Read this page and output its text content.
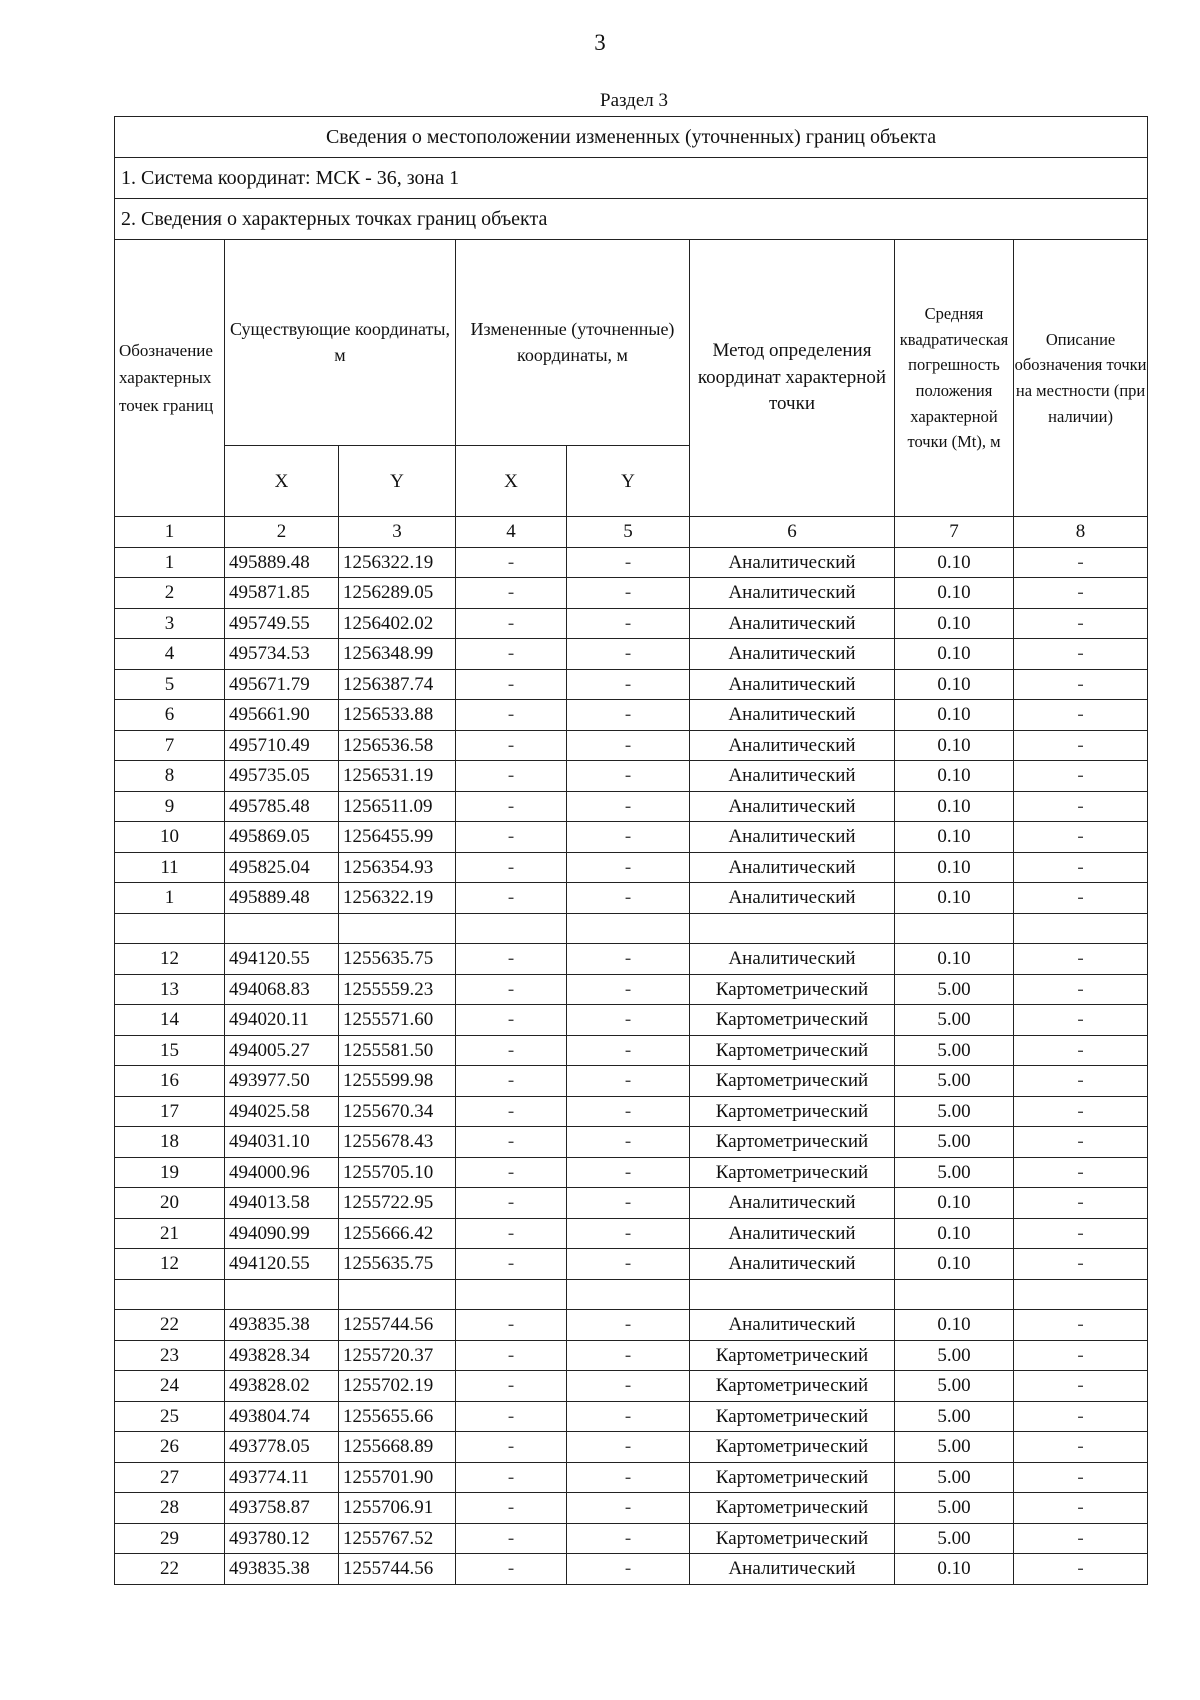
3
Раздел 3
Сведения о местоположении измененных (уточненных) границ объекта							
1. Система координат: МСК - 36, зона 1							
2. Сведения о характерных точках границ объекта							
Обозначение характерных точек границ	Существующие координаты, м		Измененные (уточненные) координаты, м		Метод определения координат характерной точки	Средняя квадратическая погрешность положения характерной точки (Mt), м	Описание обозначения точки на местности (при наличии)
	X	Y	X	Y			
1	2	3	4	5	6	7	8
1	495889.48	1256322.19	-	-	Аналитический	0.10	-
2	495871.85	1256289.05	-	-	Аналитический	0.10	-
3	495749.55	1256402.02	-	-	Аналитический	0.10	-
4	495734.53	1256348.99	-	-	Аналитический	0.10	-
5	495671.79	1256387.74	-	-	Аналитический	0.10	-
6	495661.90	1256533.88	-	-	Аналитический	0.10	-
7	495710.49	1256536.58	-	-	Аналитический	0.10	-
8	495735.05	1256531.19	-	-	Аналитический	0.10	-
9	495785.48	1256511.09	-	-	Аналитический	0.10	-
10	495869.05	1256455.99	-	-	Аналитический	0.10	-
11	495825.04	1256354.93	-	-	Аналитический	0.10	-
1	495889.48	1256322.19	-	-	Аналитический	0.10	-

12	494120.55	1255635.75	-	-	Аналитический	0.10	-
13	494068.83	1255559.23	-	-	Картометрический	5.00	-
14	494020.11	1255571.60	-	-	Картометрический	5.00	-
15	494005.27	1255581.50	-	-	Картометрический	5.00	-
16	493977.50	1255599.98	-	-	Картометрический	5.00	-
17	494025.58	1255670.34	-	-	Картометрический	5.00	-
18	494031.10	1255678.43	-	-	Картометрический	5.00	-
19	494000.96	1255705.10	-	-	Картометрический	5.00	-
20	494013.58	1255722.95	-	-	Аналитический	0.10	-
21	494090.99	1255666.42	-	-	Аналитический	0.10	-
12	494120.55	1255635.75	-	-	Аналитический	0.10	-

22	493835.38	1255744.56	-	-	Аналитический	0.10	-
23	493828.34	1255720.37	-	-	Картометрический	5.00	-
24	493828.02	1255702.19	-	-	Картометрический	5.00	-
25	493804.74	1255655.66	-	-	Картометрический	5.00	-
26	493778.05	1255668.89	-	-	Картометрический	5.00	-
27	493774.11	1255701.90	-	-	Картометрический	5.00	-
28	493758.87	1255706.91	-	-	Картометрический	5.00	-
29	493780.12	1255767.52	-	-	Картометрический	5.00	-
22	493835.38	1255744.56	-	-	Аналитический	0.10	-
